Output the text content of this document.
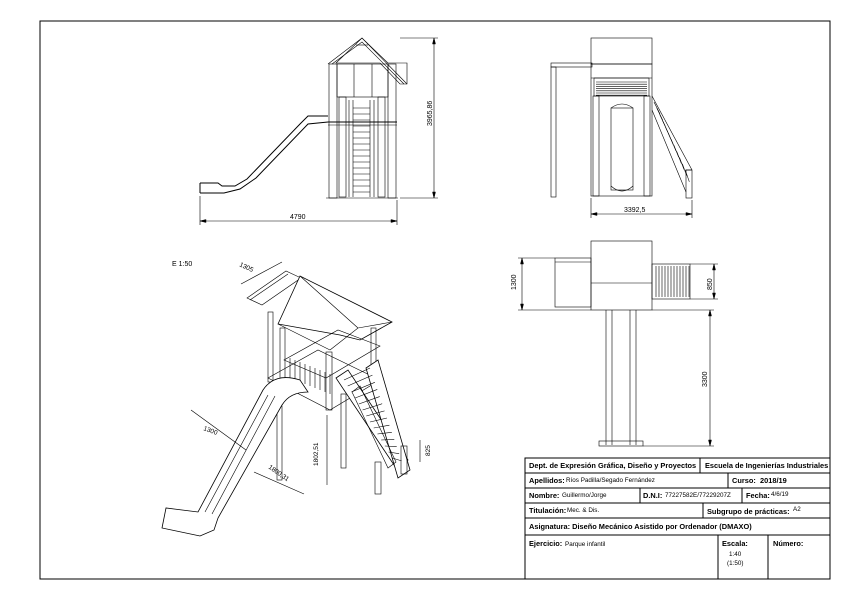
4790
3965,86
3392,5
1300	850
3300
E 1:50	1305
1300
1802,51
1800,31
825
Dept. de Expresión Gráfica, Diseño y Proyectos Escuela de Ingenierías Industriales
Apellidos: Ríos Padilla/Segado Fernández	Curso: 2018/19
Nombre: Guillermo/Jorge	D.N.I: 77227582E/77229207Z Fecha: 4/6/19
Titulación: Mec. & Dis.	Subgrupo de prácticas: A2
Asignatura: Diseño Mecánico Asistido por Ordenador (DMAXO)
Ejercicio: Parque infantil	Escala:
1:40
(1:50)
Número:
